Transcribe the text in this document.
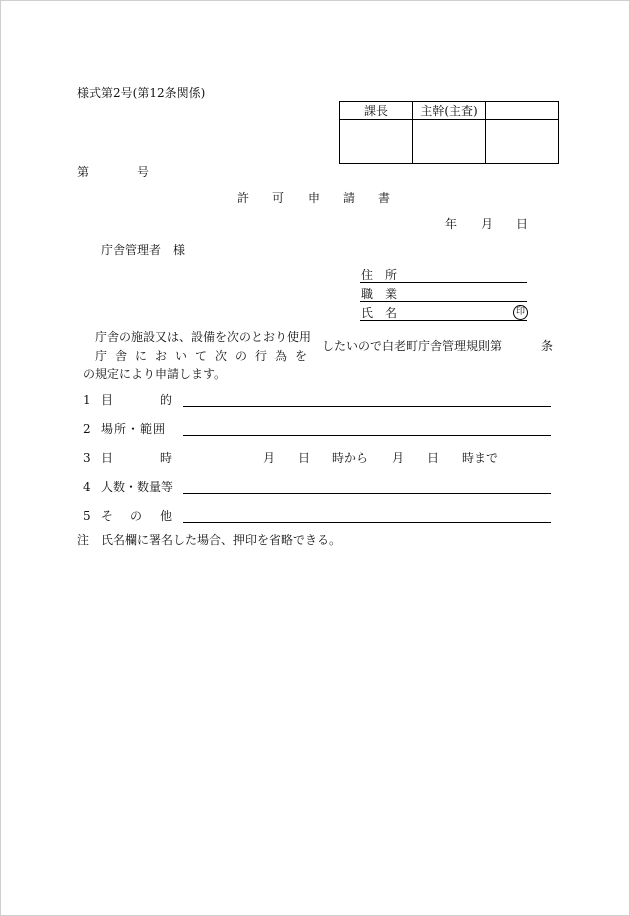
様式第2号(第12条関係)
課長	主幹(主査)	

第	号
許 可 申 請 書
年 月 日
庁舎管理者　様
住 所
職 業
氏 名	印
庁舎の施設又は、設備を次のとおり使用
庁 舎 に お い て 次 の 行 為 を
したいので白老町庁舎管理規則第	条
の規定により申請します。
1 目	的
2 場所・範囲
3 日	時	月 日 時から 月 日 時まで
4 人数・数量等
5 そ の 他
注 氏名欄に署名した場合、押印を省略できる。
